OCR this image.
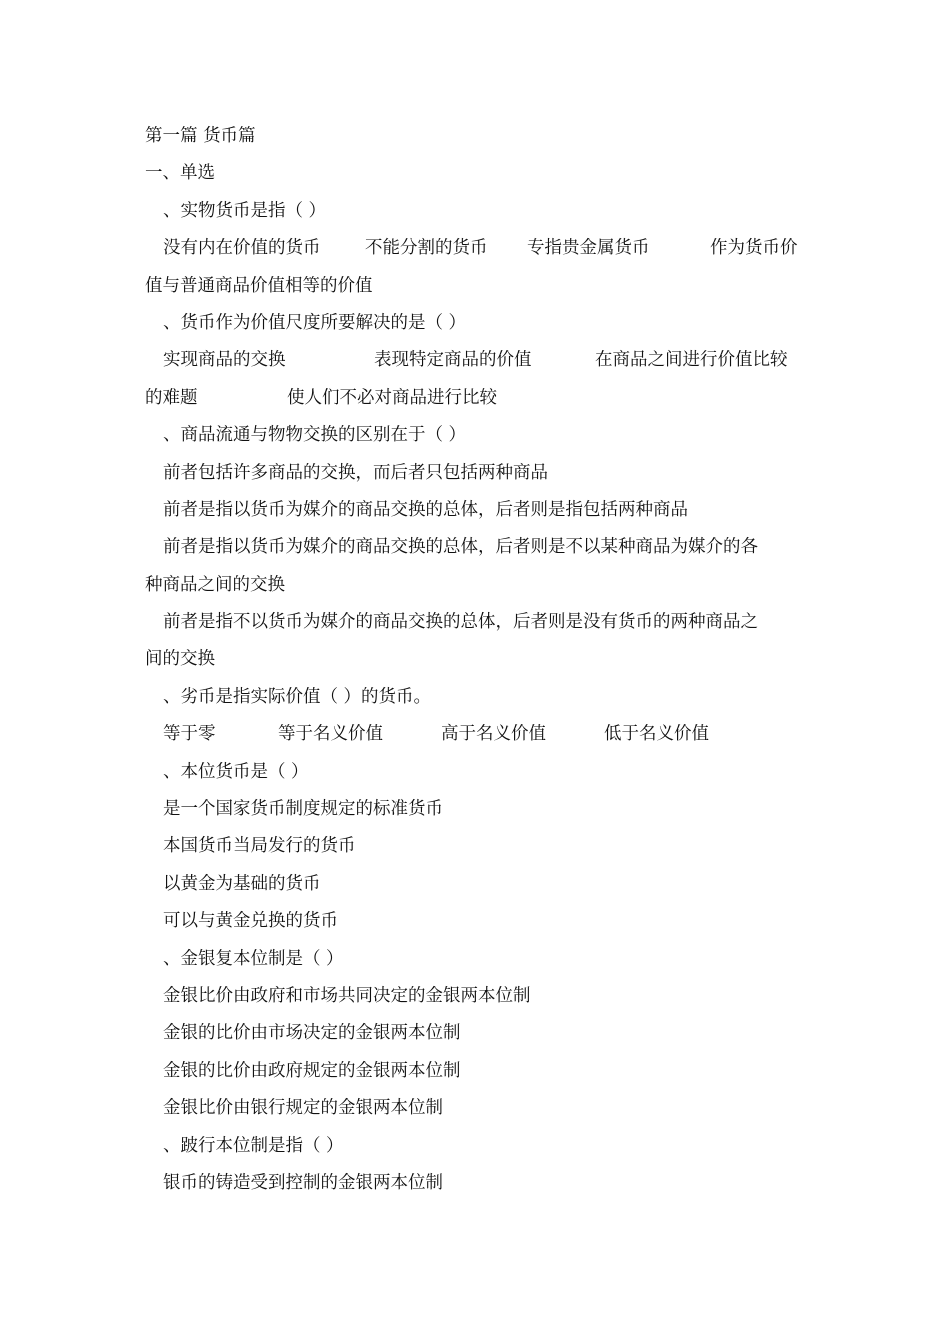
第一篇 货币篇
一、单选
、实物货币是指（ ）
没有内在价值的货币	不能分割的货币	专指贵金属货币	作为货币价
值与普通商品价值相等的价值
、货币作为价值尺度所要解决的是（ ）
实现商品的交换	表现特定商品的价值	在商品之间进行价值比较
的难题	使人们不必对商品进行比较
、商品流通与物物交换的区别在于（ ）
前者包括许多商品的交换，而后者只包括两种商品
前者是指以货币为媒介的商品交换的总体，后者则是指包括两种商品
前者是指以货币为媒介的商品交换的总体，后者则是不以某种商品为媒介的各
种商品之间的交换
前者是指不以货币为媒介的商品交换的总体，后者则是没有货币的两种商品之
间的交换
、劣币是指实际价值（ ）的货币。
等于零	等于名义价值	高于名义价值	低于名义价值
、本位货币是（ ）
是一个国家货币制度规定的标准货币
本国货币当局发行的货币
以黄金为基础的货币
可以与黄金兑换的货币
、金银复本位制是（ ）
金银比价由政府和市场共同决定的金银两本位制
金银的比价由市场决定的金银两本位制
金银的比价由政府规定的金银两本位制
金银比价由银行规定的金银两本位制
、跛行本位制是指（ ）
银币的铸造受到控制的金银两本位制
